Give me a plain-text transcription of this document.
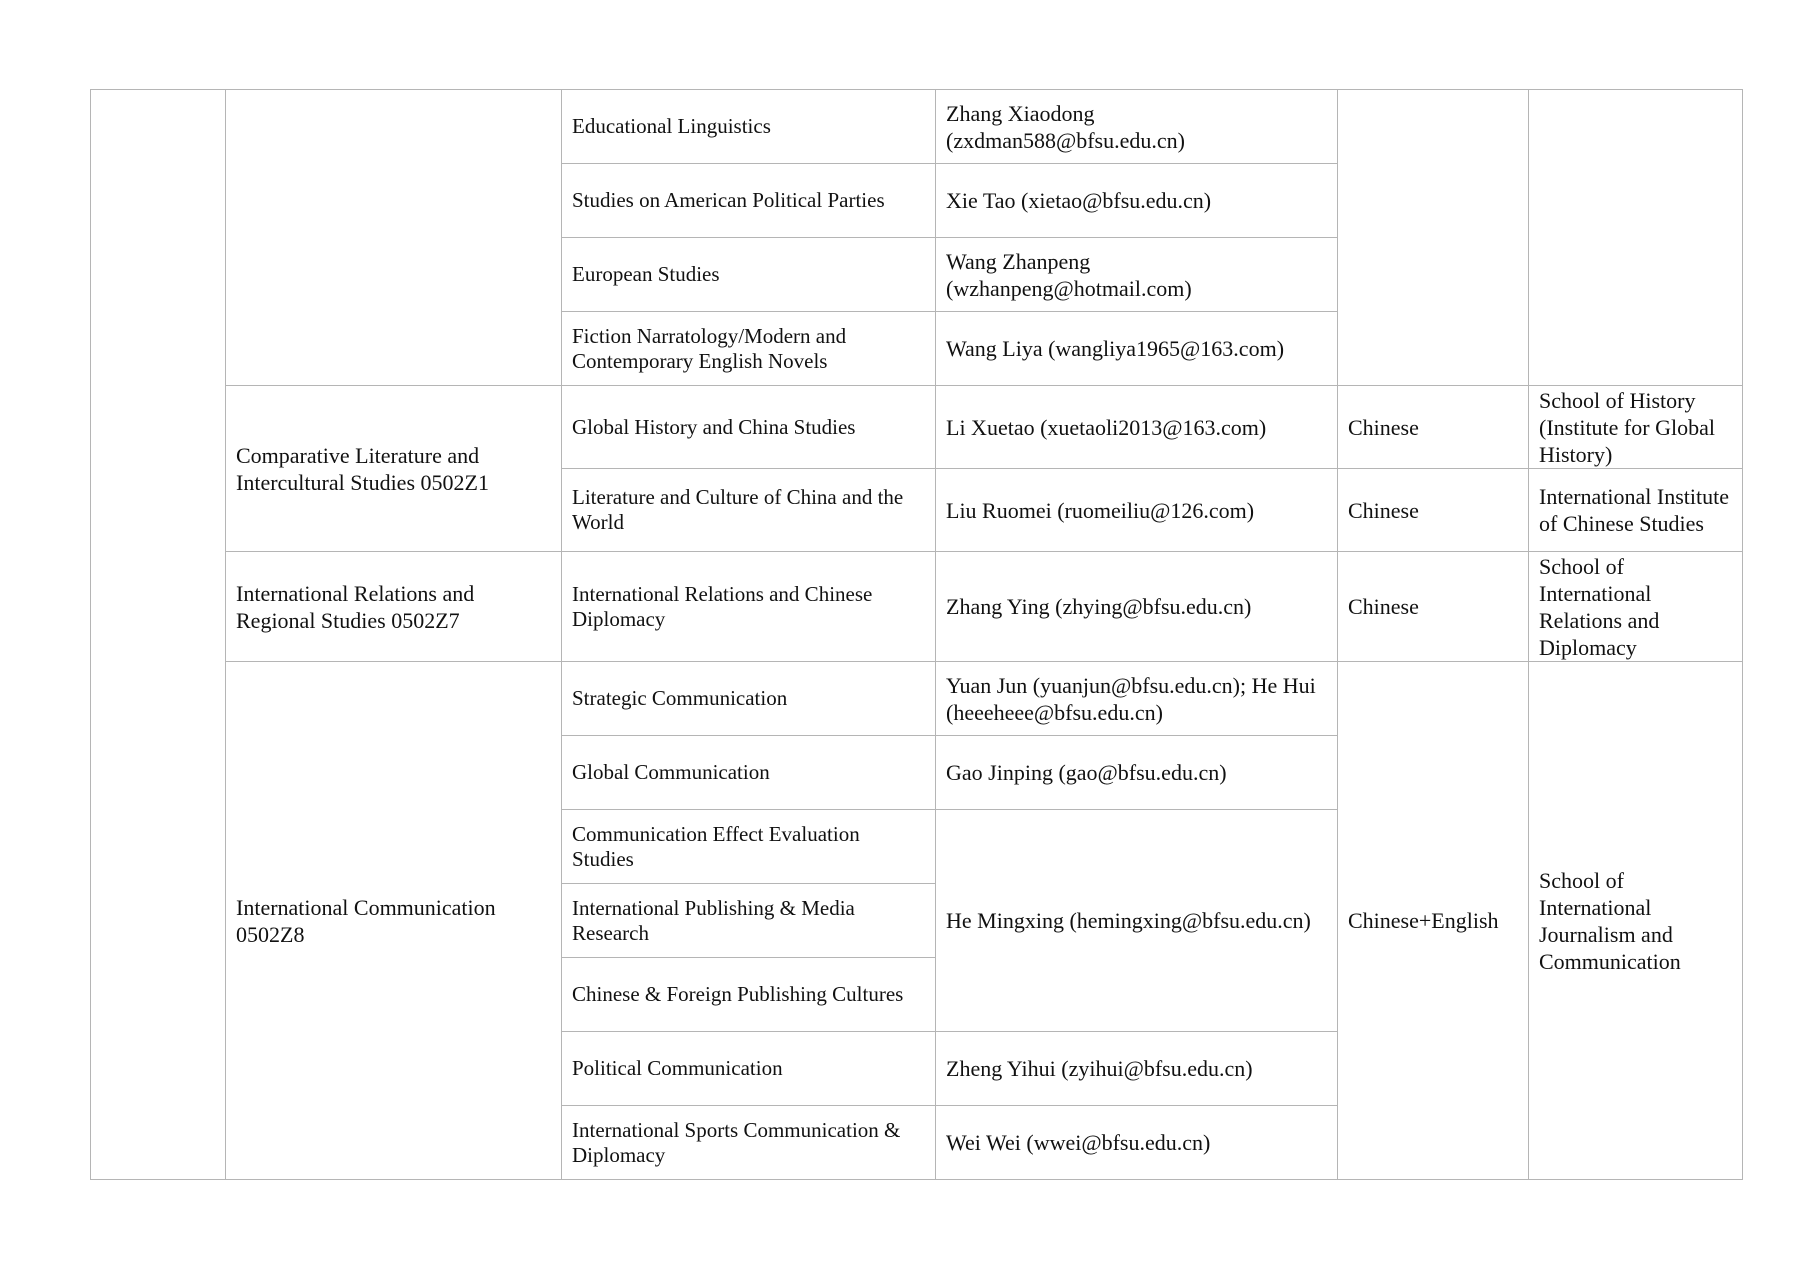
		Educational Linguistics	Zhang Xiaodong (zxdman588@bfsu.edu.cn)		
		Studies on American Political Parties	Xie Tao (xietao@bfsu.edu.cn)		
		European Studies	Wang Zhanpeng (wzhanpeng@hotmail.com)		
		Fiction Narratology/Modern and Contemporary English Novels	Wang Liya (wangliya1965@163.com)		
	Comparative Literature and Intercultural Studies 0502Z1	Global History and China Studies	Li Xuetao (xuetaoli2013@163.com)	Chinese	School of History (Institute for Global History)
		Literature and Culture of China and the World	Liu Ruomei (ruomeiliu@126.com)	Chinese	International Institute of Chinese Studies
	International Relations and Regional Studies 0502Z7	International Relations and Chinese Diplomacy	Zhang Ying (zhying@bfsu.edu.cn)	Chinese	School of International Relations and Diplomacy
	International Communication 0502Z8	Strategic Communication	Yuan Jun (yuanjun@bfsu.edu.cn); He Hui (heeeheee@bfsu.edu.cn)	Chinese+English	School of International Journalism and Communication
		Global Communication	Gao Jinping (gao@bfsu.edu.cn)		
		Communication Effect Evaluation Studies	He Mingxing (hemingxing@bfsu.edu.cn)		
		International Publishing & Media Research			
		Chinese & Foreign Publishing Cultures			
		Political Communication	Zheng Yihui (zyihui@bfsu.edu.cn)		
		International Sports Communication & Diplomacy	Wei Wei (wwei@bfsu.edu.cn)		
